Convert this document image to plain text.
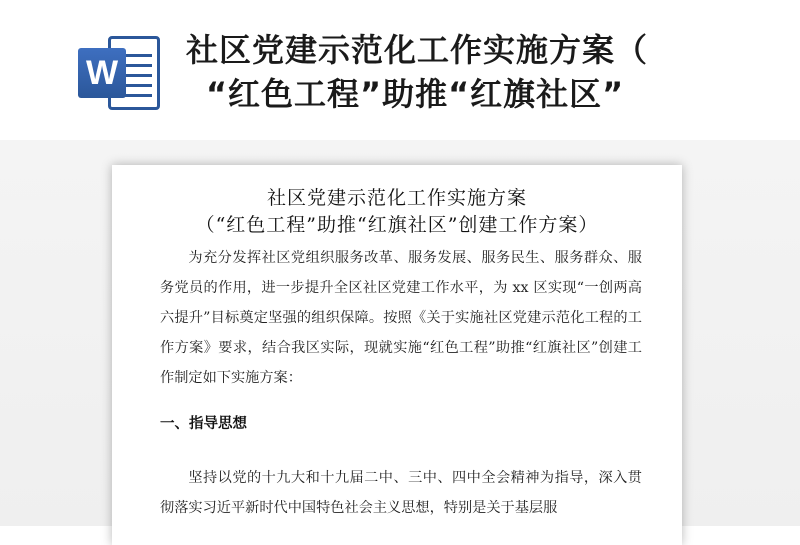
W
社区党建示范化工作实施方案（
“红色工程”助推“红旗社区”
社区党建示范化工作实施方案
（“红色工程”助推“红旗社区”创建工作方案）

为充分发挥社区党组织服务改革、服务发展、服务民生、服务群众、服务党员的作用，进一步提升全区社区党建工作水平，为 xx 区实现“一创两高六提升”目标奠定坚强的组织保障。按照《关于实施社区党建示范化工程的工作方案》要求，结合我区实际，现就实施“红色工程”助推“红旗社区”创建工作制定如下实施方案：

一、指导思想

坚持以党的十九大和十九届二中、三中、四中全会精神为指导，深入贯彻落实习近平新时代中国特色社会主义思想，特别是关于基层服
